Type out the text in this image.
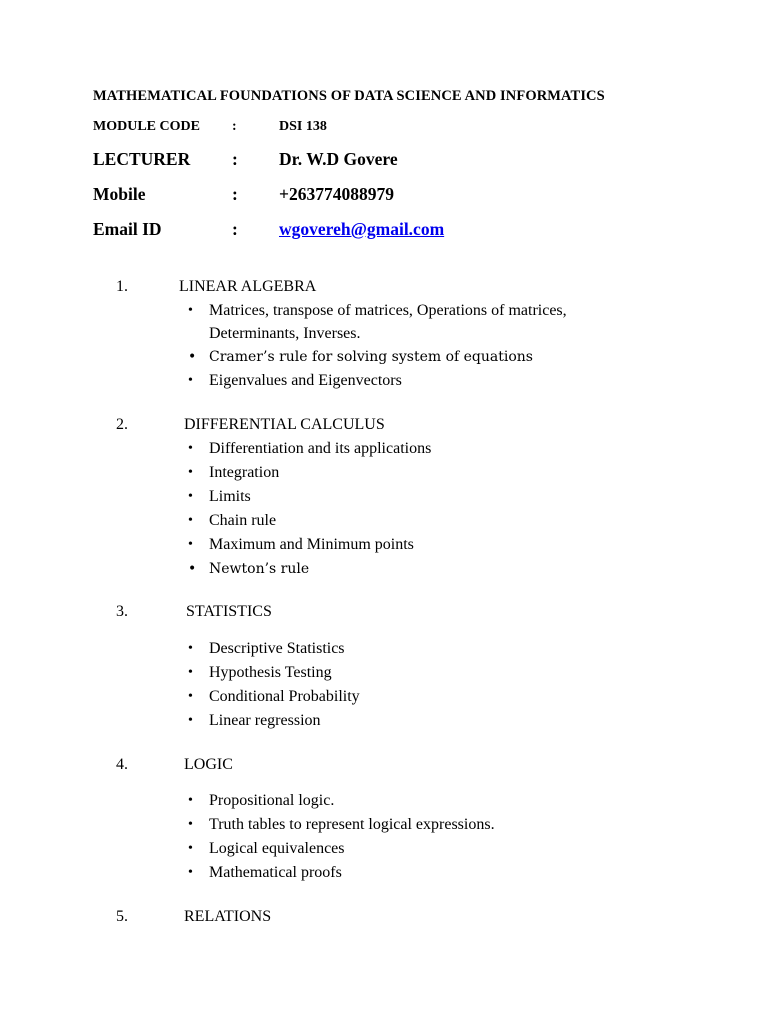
MATHEMATICAL FOUNDATIONS OF DATA SCIENCE AND INFORMATICS
MODULE CODE :	DSI 138
LECTURER : Dr. W.D Govere
Mobile	: +263774088979
Email ID	: wgovereh@gmail.com
1.	LINEAR ALGEBRA
• Matrices, transpose of matrices, Operations of matrices, Determinants, Inverses.
• Cramer’s rule for solving system of equations
• Eigenvalues and Eigenvectors
2.	DIFFERENTIAL CALCULUS
• Differentiation and its applications
• Integration
• Limits
• Chain rule
• Maximum and Minimum points
• Newton’s rule
3.	STATISTICS
• Descriptive Statistics
• Hypothesis Testing
• Conditional Probability
• Linear regression
4.	LOGIC
• Propositional logic.
• Truth tables to represent logical expressions.
• Logical equivalences
• Mathematical proofs
5.	RELATIONS
